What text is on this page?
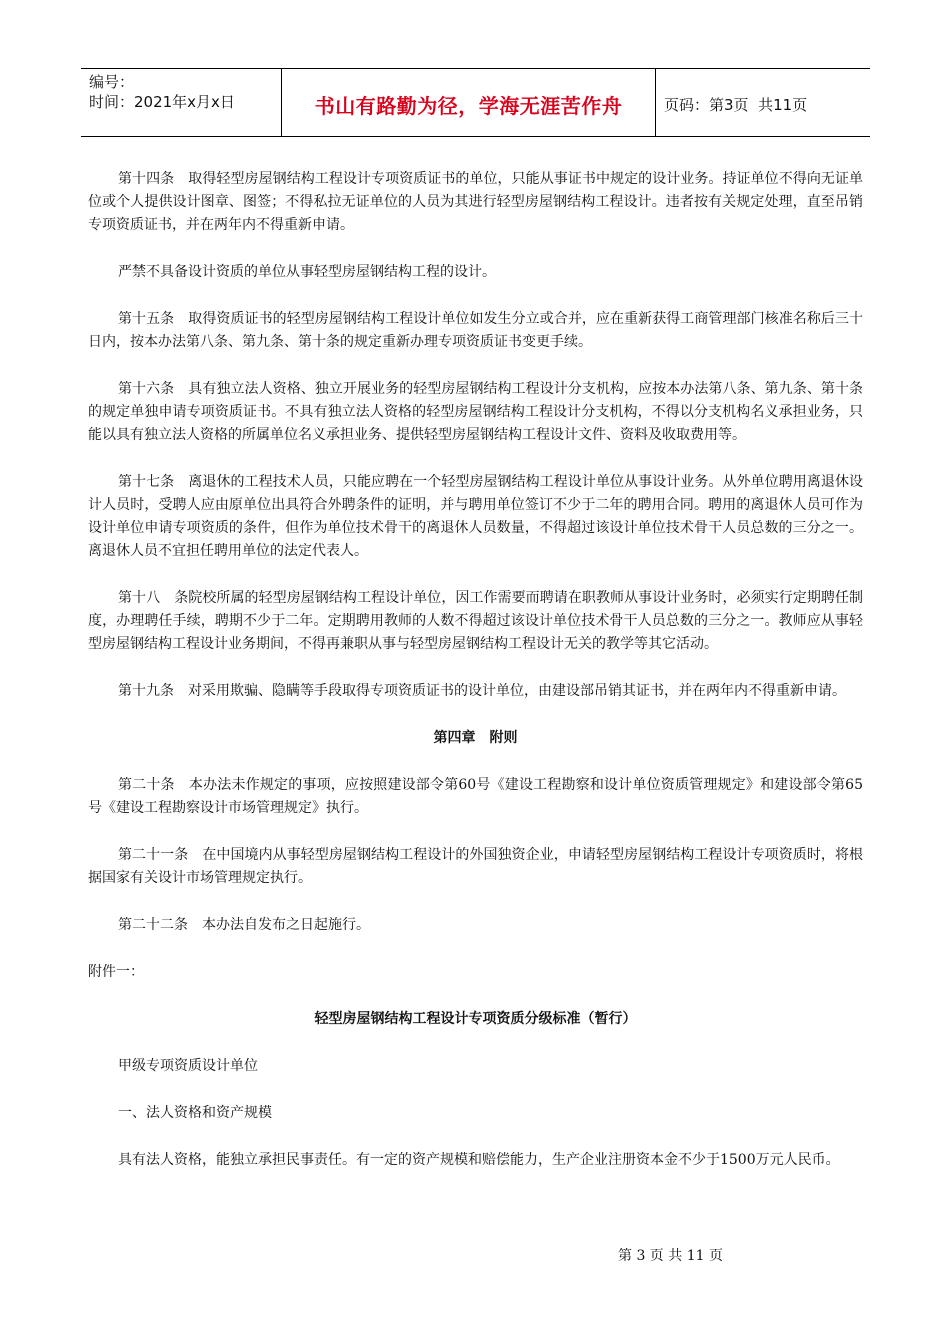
编号：
时间：2021年x月x日	书山有路勤为径，学海无涯苦作舟	页码：第3页  共11页

第十四条　取得轻型房屋钢结构工程设计专项资质证书的单位，只能从事证书中规定的设计业务。持证单位不得向无证单位或个人提供设计图章、图签；不得私拉无证单位的人员为其进行轻型房屋钢结构工程设计。违者按有关规定处理，直至吊销专项资质证书，并在两年内不得重新申请。

严禁不具备设计资质的单位从事轻型房屋钢结构工程的设计。

第十五条　取得资质证书的轻型房屋钢结构工程设计单位如发生分立或合并，应在重新获得工商管理部门核准名称后三十日内，按本办法第八条、第九条、第十条的规定重新办理专项资质证书变更手续。

第十六条　具有独立法人资格、独立开展业务的轻型房屋钢结构工程设计分支机构，应按本办法第八条、第九条、第十条的规定单独申请专项资质证书。不具有独立法人资格的轻型房屋钢结构工程设计分支机构，不得以分支机构名义承担业务，只能以具有独立法人资格的所属单位名义承担业务、提供轻型房屋钢结构工程设计文件、资料及收取费用等。

第十七条　离退休的工程技术人员，只能应聘在一个轻型房屋钢结构工程设计单位从事设计业务。从外单位聘用离退休设计人员时，受聘人应由原单位出具符合外聘条件的证明，并与聘用单位签订不少于二年的聘用合同。聘用的离退休人员可作为设计单位申请专项资质的条件，但作为单位技术骨干的离退休人员数量，不得超过该设计单位技术骨干人员总数的三分之一。离退休人员不宜担任聘用单位的法定代表人。

第十八　条院校所属的轻型房屋钢结构工程设计单位，因工作需要而聘请在职教师从事设计业务时，必须实行定期聘任制度，办理聘任手续，聘期不少于二年。定期聘用教师的人数不得超过该设计单位技术骨干人员总数的三分之一。教师应从事轻型房屋钢结构工程设计业务期间，不得再兼职从事与轻型房屋钢结构工程设计无关的教学等其它活动。

第十九条　对采用欺骗、隐瞒等手段取得专项资质证书的设计单位，由建设部吊销其证书，并在两年内不得重新申请。

第四章　附则

第二十条　本办法未作规定的事项，应按照建设部令第60号《建设工程勘察和设计单位资质管理规定》和建设部令第65号《建设工程勘察设计市场管理规定》执行。

第二十一条　在中国境内从事轻型房屋钢结构工程设计的外国独资企业，申请轻型房屋钢结构工程设计专项资质时，将根据国家有关设计市场管理规定执行。

第二十二条　本办法自发布之日起施行。

附件一：

轻型房屋钢结构工程设计专项资质分级标准（暂行）

甲级专项资质设计单位

一、法人资格和资产规模

具有法人资格，能独立承担民事责任。有一定的资产规模和赔偿能力，生产企业注册资本金不少于1500万元人民币。

第 3 页 共 11 页
